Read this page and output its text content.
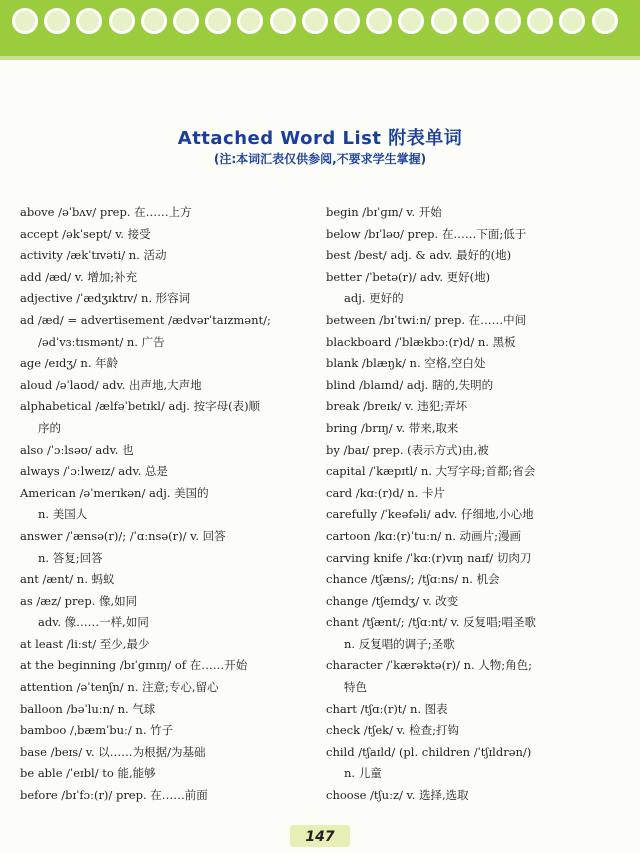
Attached Word List 附表单词
(注:本词汇表仅供参阅,不要求学生掌握)
above /əˈbʌv/ prep. 在……上方
accept /əkˈsept/ v. 接受
activity /ækˈtɪvəti/ n. 活动
add /æd/ v. 增加;补充
adjective /ˈædʒɪktɪv/ n. 形容词
ad /æd/ = advertisement /ædvərˈtaɪzmənt/;
/ədˈvɜːtɪsmənt/ n. 广告
age /eɪdʒ/ n. 年龄
aloud /əˈlaʊd/ adv. 出声地,大声地
alphabetical /ælfəˈbetɪkl/ adj. 按字母(表)顺
序的
also /ˈɔːlsəʊ/ adv. 也
always /ˈɔːlweɪz/ adv. 总是
American /əˈmerɪkən/ adj. 美国的
n. 美国人
answer /ˈænsə(r)/; /ˈɑːnsə(r)/ v. 回答
n. 答复;回答
ant /ænt/ n. 蚂蚁
as /æz/ prep. 像,如同
adv. 像……一样,如同
at least /liːst/ 至少,最少
at the beginning /bɪˈɡɪnɪŋ/ of 在……开始
attention /əˈtenʃn/ n. 注意;专心,留心
balloon /bəˈluːn/ n. 气球
bamboo /ˌbæmˈbuː/ n. 竹子
base /beɪs/ v. 以……为根据/为基础
be able /ˈeɪbl/ to 能,能够
before /bɪˈfɔː(r)/ prep. 在……前面
begin /bɪˈɡɪn/ v. 开始
below /bɪˈləʊ/ prep. 在……下面;低于
best /best/ adj. & adv. 最好的(地)
better /ˈbetə(r)/ adv. 更好(地)
adj. 更好的
between /bɪˈtwiːn/ prep. 在……中间
blackboard /ˈblækbɔː(r)d/ n. 黑板
blank /blæŋk/ n. 空格,空白处
blind /blaɪnd/ adj. 瞎的,失明的
break /breɪk/ v. 违犯;弄坏
bring /brɪŋ/ v. 带来,取来
by /baɪ/ prep. (表示方式)由,被
capital /ˈkæpɪtl/ n. 大写字母;首都;省会
card /kɑː(r)d/ n. 卡片
carefully /ˈkeəfəli/ adv. 仔细地,小心地
cartoon /kɑː(r)ˈtuːn/ n. 动画片;漫画
carving knife /ˈkɑː(r)vɪŋ naɪf/ 切肉刀
chance /tʃæns/; /tʃɑːns/ n. 机会
change /tʃeɪndʒ/ v. 改变
chant /tʃænt/; /tʃɑːnt/ v. 反复唱;唱圣歌
n. 反复唱的调子;圣歌
character /ˈkærəktə(r)/ n. 人物;角色;
特色
chart /tʃɑː(r)t/ n. 图表
check /tʃek/ v. 检查;打钩
child /tʃaɪld/ (pl. children /ˈtʃɪldrən/)
n. 儿童
choose /tʃuːz/ v. 选择,选取
147
